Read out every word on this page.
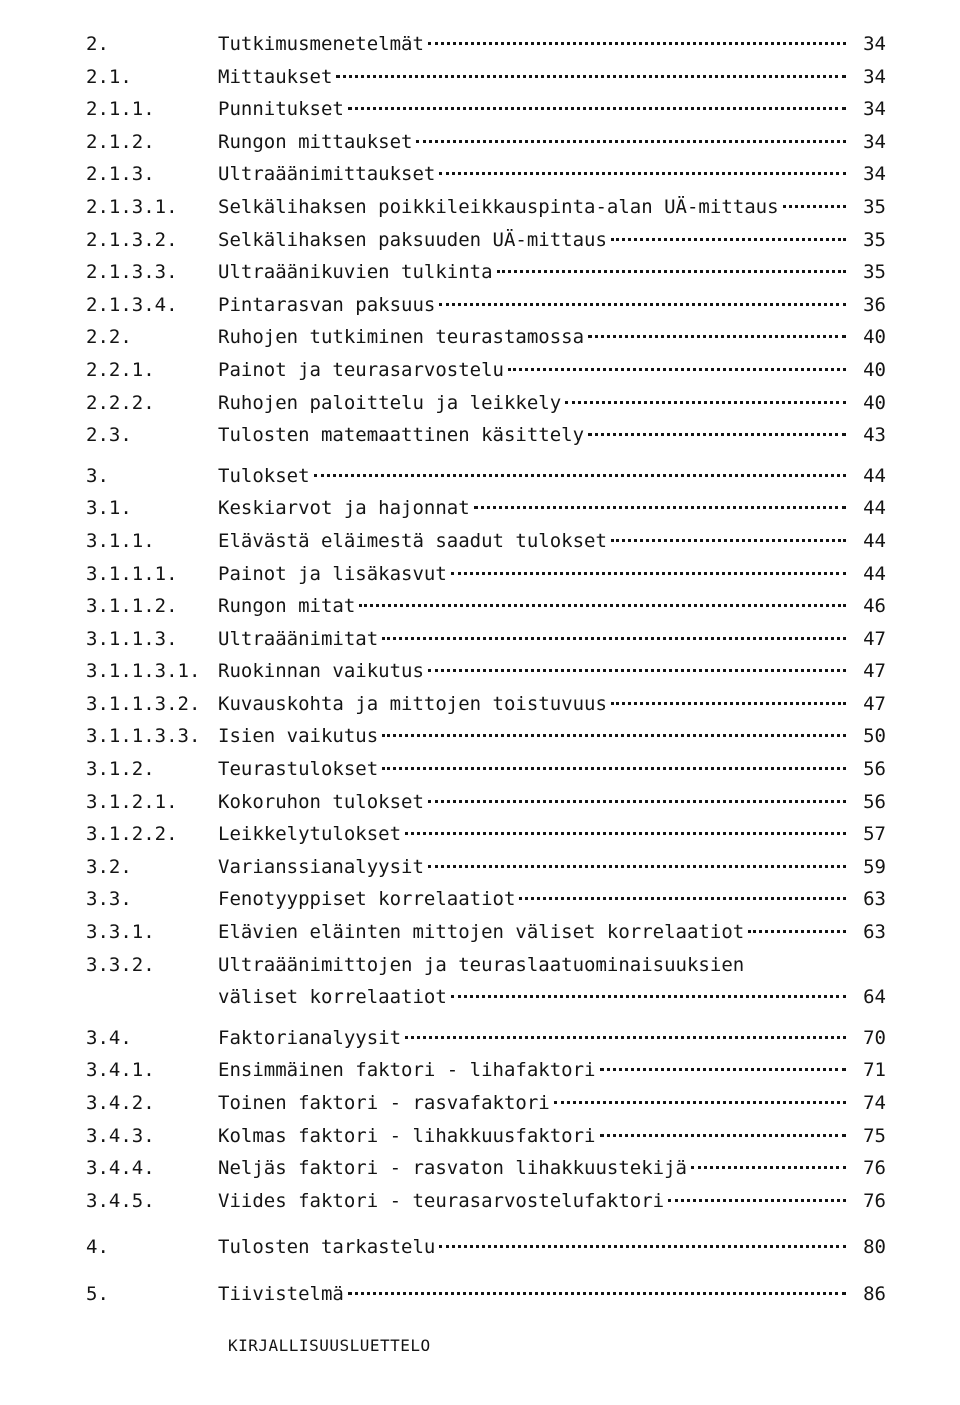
2.	Tutkimusmenetelmät	34
2.1.	Mittaukset	34
2.1.1.	Punnitukset	34
2.1.2.	Rungon mittaukset	34
2.1.3.	Ultraäänimittaukset	34
2.1.3.1.	Selkälihaksen poikkileikkauspinta-alan UÄ-mittaus	35
2.1.3.2.	Selkälihaksen paksuuden UÄ-mittaus	35
2.1.3.3.	Ultraäänikuvien tulkinta	35
2.1.3.4.	Pintarasvan paksuus	36
2.2.	Ruhojen tutkiminen teurastamossa	40
2.2.1.	Painot ja teurasarvostelu	40
2.2.2.	Ruhojen paloittelu ja leikkely	40
2.3.	Tulosten matemaattinen käsittely	43
3.	Tulokset	44
3.1.	Keskiarvot ja hajonnat	44
3.1.1.	Elävästä eläimestä saadut tulokset	44
3.1.1.1.	Painot ja lisäkasvut	44
3.1.1.2.	Rungon mitat	46
3.1.1.3.	Ultraäänimitat	47
3.1.1.3.1. Ruokinnan vaikutus	47
3.1.1.3.2. Kuvauskohta ja mittojen toistuvuus	47
3.1.1.3.3. Isien vaikutus	50
3.1.2.	Teurastulokset	56
3.1.2.1.	Kokoruhon tulokset	56
3.1.2.2.	Leikkelytulokset	57
3.2.	Varianssianalyysit	59
3.3.	Fenotyyppiset korrelaatiot	63
3.3.1.	Elävien eläinten mittojen väliset korrelaatiot	63
3.3.2.	Ultraäänimittojen ja teuraslaatuominaisuuksien
väliset korrelaatiot	64
3.4.	Faktorianalyysit	70
3.4.1.	Ensimmäinen faktori - lihafaktori	71
3.4.2.	Toinen faktori - rasvafaktori	74
3.4.3.	Kolmas faktori - lihakkuusfaktori	75
3.4.4.	Neljäs faktori - rasvaton lihakkuustekijä	76
3.4.5.	Viides faktori - teurasarvostelufaktori	76
4.	Tulosten tarkastelu	80
5.	Tiivistelmä	86
KIRJALLISUUSLUETTELO
